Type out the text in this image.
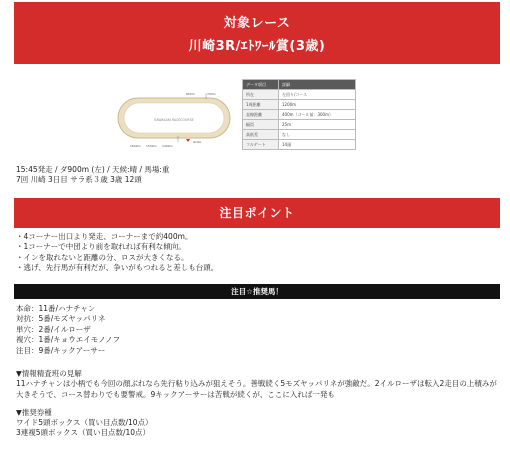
対象レース
川崎3R/ｴﾄﾜｰﾙ賞(3歳)
KAWASAKI RACECOURSE
800m	700m
1600m 1500m 1400m
GOAL
データ項目	詳細
所在	左回り/コース
1周距離	1200m
直線距離	400m（ゴール前：300m）
幅員	25m
高低差	なし
フルゲート	14頭
15:45発走 / ダ900m (左) / 天候:晴 / 馬場:重
7回 川崎 3日目 サラ系３歳 3歳 12頭
注目ポイント
・4コーナー出口より発走、コーナーまで約400m。
・1コーナーで中団より前を取れれば有利な傾向。
・インを取れないと距離の分、ロスが大きくなる。
・逃げ、先行馬が有利だが、争いがもつれると差しも台頭。
注目☆推奨馬！
本命：11番/ハナチャン
対抗：5番/モズヤッパリネ
単穴：2番/イルローザ
複穴：1番/キョウエイモノノフ
注目：9番/キックアーサー
▼情報精査班の見解
11ハナチャンは小柄でも今回の顔ぶれなら先行粘り込みが狙えそう。善戦続く5モズヤッパリネが強敵だ。2イルローザは転入2走目の上積みが大きそうで、コース替わりでも要警戒。9キックアーサーは苦戦が続くが、ここに入れば一発も
▼推奨券種
ワイド5頭ボックス（買い目点数/10点）
3連複5頭ボックス（買い目点数/10点）
